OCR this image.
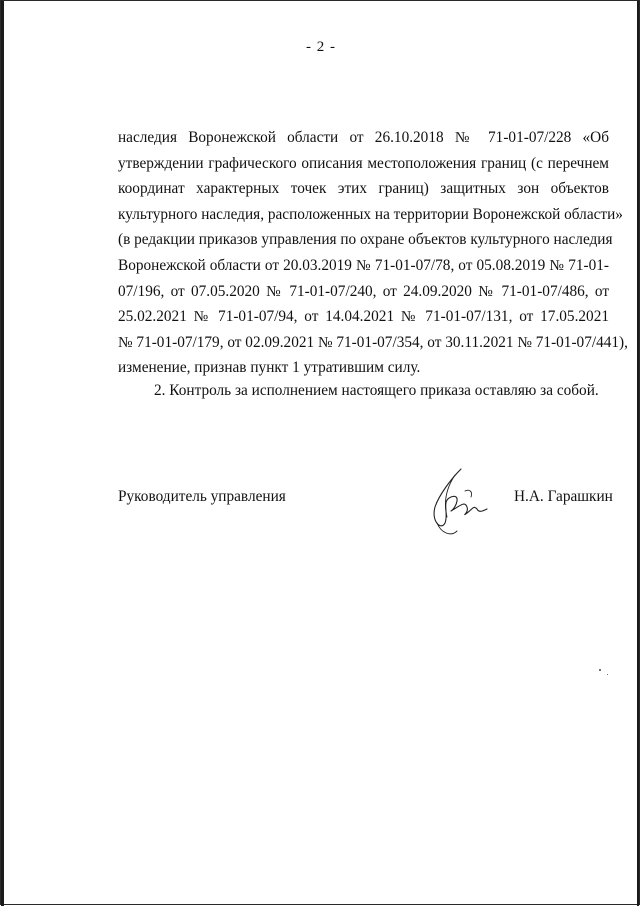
- 2 -
наследия Воронежской области от 26.10.2018 № 71-01-07/228 «Об
утверждении графического описания местоположения границ (с перечнем
координат характерных точек этих границ) защитных зон объектов
культурного наследия, расположенных на территории Воронежской области»
(в редакции приказов управления по охране объектов культурного наследия
Воронежской области от 20.03.2019 № 71-01-07/78, от 05.08.2019 № 71-01-
07/196, от 07.05.2020 № 71-01-07/240, от 24.09.2020 № 71-01-07/486, от
25.02.2021 № 71-01-07/94, от 14.04.2021 № 71-01-07/131, от 17.05.2021
№ 71-01-07/179, от 02.09.2021 № 71-01-07/354, от 30.11.2021 № 71-01-07/441),
изменение, признав пункт 1 утратившим силу.
2. Контроль за исполнением настоящего приказа оставляю за собой.
Руководитель управления	Н.А. Гарашкин
